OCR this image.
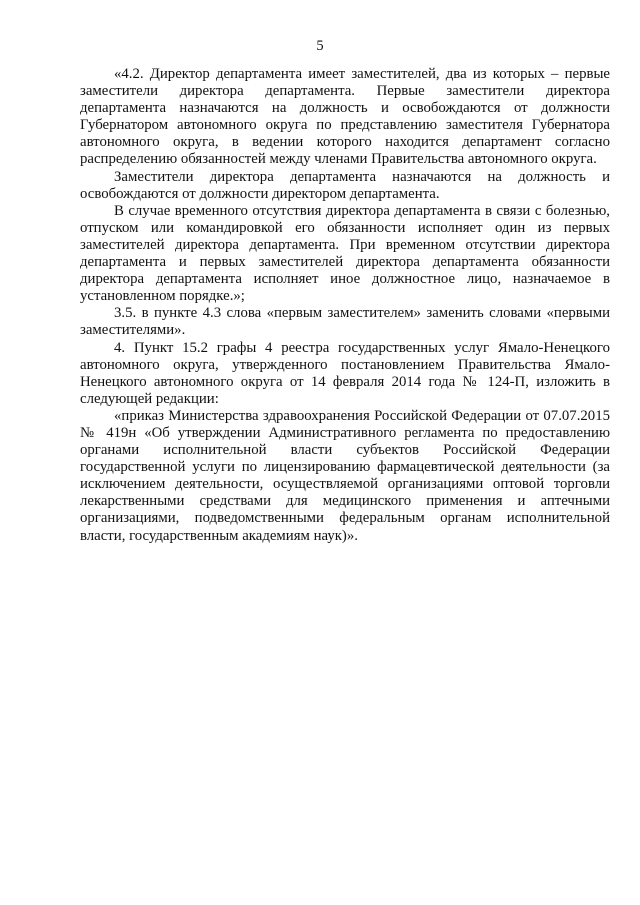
5

«4.2. Директор департамента имеет заместителей, два из которых – первые заместители директора департамента. Первые заместители директора департамента назначаются на должность и освобождаются от должности Губернатором автономного округа по представлению заместителя Губернатора автономного округа, в ведении которого находится департамент согласно распределению обязанностей между членами Правительства автономного округа.

Заместители директора департамента назначаются на должность и освобождаются от должности директором департамента.

В случае временного отсутствия директора департамента в связи с болезнью, отпуском или командировкой его обязанности исполняет один из первых заместителей директора департамента. При временном отсутствии директора департамента и первых заместителей директора департамента обязанности директора департамента исполняет иное должностное лицо, назначаемое в установленном порядке.»;

3.5. в пункте 4.3 слова «первым заместителем» заменить словами «первыми заместителями».

4. Пункт 15.2 графы 4 реестра государственных услуг Ямало-Ненецкого автономного округа, утвержденного постановлением Правительства Ямало-Ненецкого автономного округа от 14 февраля 2014 года № 124-П, изложить в следующей редакции:

«приказ Министерства здравоохранения Российской Федерации от 07.07.2015 № 419н «Об утверждении Административного регламента по предоставлению органами исполнительной власти субъектов Российской Федерации государственной услуги по лицензированию фармацевтической деятельности (за исключением деятельности, осуществляемой организациями оптовой торговли лекарственными средствами для медицинского применения и аптечными организациями, подведомственными федеральным органам исполнительной власти, государственным академиям наук)».
